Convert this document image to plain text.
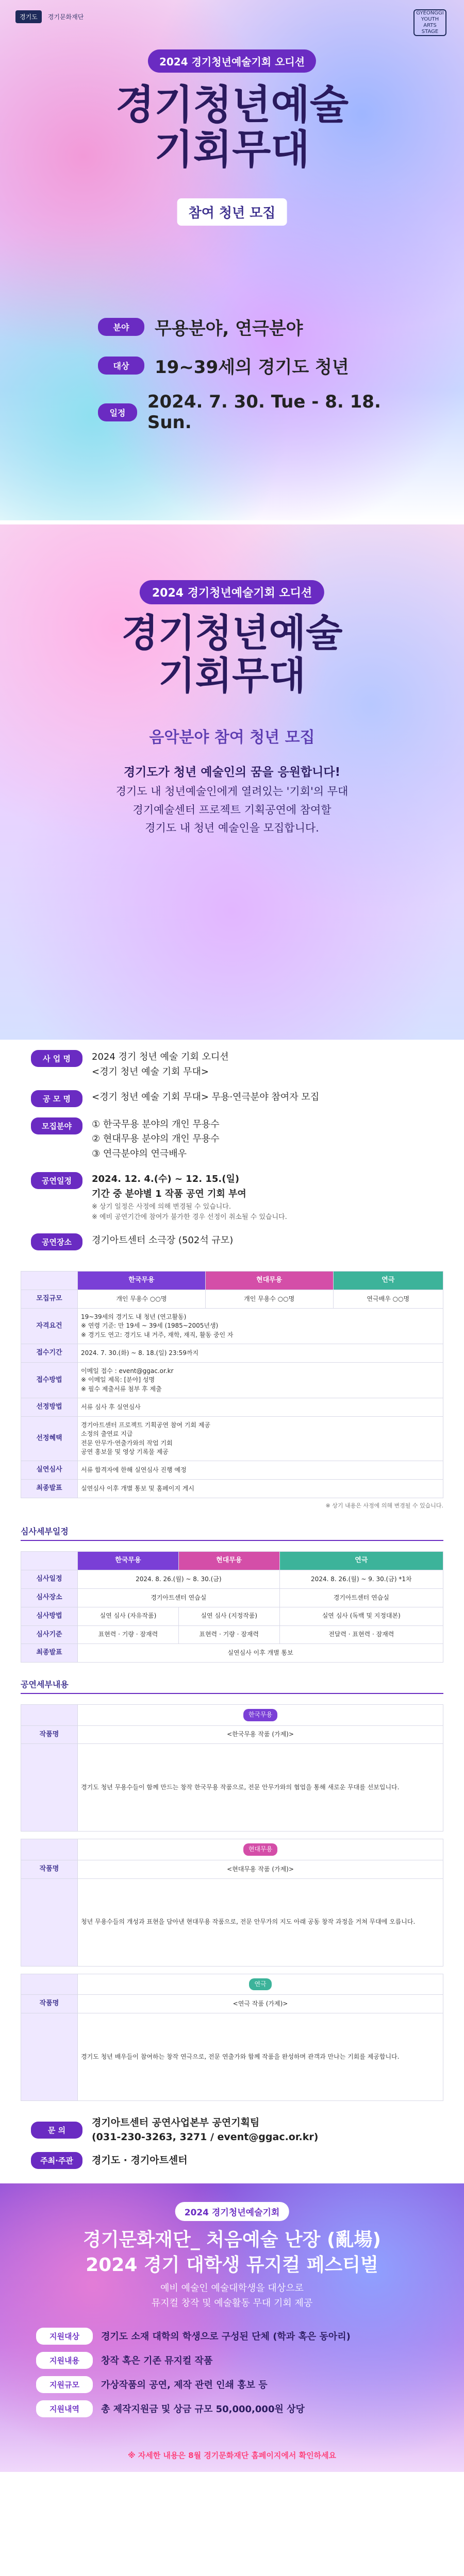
경기도	경기문화재단
GYEONGGI YOUTH ARTS STAGE
2024 경기청년예술기회 오디션
경기청년예술
기회무대
참여 청년 모집
분야	무용분야, 연극분야
대상	19~39세의 경기도 청년
일정
2024. 7. 30. Tue - 8. 18. Sun.
2024 경기청년예술기회 오디션
경기청년예술
기회무대
음악분야 참여 청년 모집
경기도가 청년 예술인의 꿈을 응원합니다!
경기도 내 청년예술인에게 열려있는 '기회'의 무대
경기예술센터 프로젝트 기획공연에 참여할
경기도 내 청년 예술인을 모집합니다.
사 업 명	2024 경기 청년 예술 기회 오디션
<경기 청년 예술 기회 무대>
공 모 명	<경기 청년 예술 기회 무대> 무용·연극분야 참여자 모집
모집분야	① 한국무용 분야의 개인 무용수
② 현대무용 분야의 개인 무용수
③ 연극분야의 연극배우
공연일정	2024. 12. 4.(수) ~ 12. 15.(일)
기간 중 분야별 1 작품 공연 기회 부여
※ 상기 일정은 사정에 의해 변경될 수 있습니다.
※ 예비 공연기간에 참여가 불가한 경우 선정이 취소될 수 있습니다.
공연장소	경기아트센터 소극장 (502석 규모)
	한국무용	현대무용	연극
모집규모	개인 무용수 ○○명	개인 무용수 ○○명	연극배우 ○○명
자격요건	19~39세의 경기도 내 청년 (연고활동)
※ 연령 기준: 만 19세 ~ 39세 (1985~2005년생)
※ 경기도 연고: 경기도 내 거주, 재학, 재직, 활동 중인 자		

접수기간	2024. 7. 30.(화) ~ 8. 18.(일) 23:59까지		
접수방법	이메일 접수 : event@ggac.or.kr
※ 이메일 제목: [분야] 성명
※ 필수 제출서류 첨부 후 제출		

선정방법	서류 심사 후 실연심사		
선정혜택	경기아트센터 프로젝트 기획공연 참여 기회 제공
소정의 출연료 지급
전문 안무가·연출가와의 작업 기회
공연 홍보물 및 영상 기록물 제공		

실연심사	서류 합격자에 한해 실연심사 진행 예정		
최종발표	실연심사 이후 개별 통보 및 홈페이지 게시		
※ 상기 내용은 사정에 의해 변경될 수 있습니다.
심사세부일정
	한국무용	현대무용	연극
심사일정	2024. 8. 26.(월) ~ 8. 30.(금)		2024. 8. 26.(월) ~ 9. 30.(금) *1차
심사장소	경기아트센터 연습실		경기아트센터 연습실
심사방법	실연 심사 (자유작품)	실연 심사 (지정작품)	실연 심사 (독백 및 지정대본)
심사기준	표현력 · 기량 · 잠재력	표현력 · 기량 · 잠재력	전달력 · 표현력 · 잠재력
최종발표	실연심사 이후 개별 통보		
공연세부내용
	한국무용
작품명	<한국무용 작품 (가제)>
	경기도 청년 무용수들이 함께 만드는 창작 한국무용 작품으로, 전문 안무가와의 협업을 통해 새로운 무대를 선보입니다.
	현대무용
작품명	<현대무용 작품 (가제)>
	청년 무용수들의 개성과 표현을 담아낸 현대무용 작품으로, 전문 안무가의 지도 아래 공동 창작 과정을 거쳐 무대에 오릅니다.
	연극
작품명	<연극 작품 (가제)>
	경기도 청년 배우들이 참여하는 창작 연극으로, 전문 연출가와 함께 작품을 완성하며 관객과 만나는 기회를 제공합니다.
문 의
경기아트센터 공연사업본부 공연기획팀
(031-230-3263, 3271 / event@ggac.or.kr)
주최·주관	경기도 · 경기아트센터
2024 경기청년예술기회
경기문화재단_ 처음예술 난장 (亂場)
2024 경기 대학생 뮤지컬 페스티벌
예비 예술인 예술대학생을 대상으로
뮤지컬 창작 및 예술활동 무대 기회 제공
지원대상	경기도 소재 대학의 학생으로 구성된 단체 (학과 혹은 동아리)
지원내용	창작 혹은 기존 뮤지컬 작품
지원규모	가상작품의 공연, 제작 관련 인쇄 홍보 등
지원내역	총 제작지원금 및 상금 규모 50,000,000원 상당
※ 자세한 내용은 8월 경기문화재단 홈페이지에서 확인하세요
